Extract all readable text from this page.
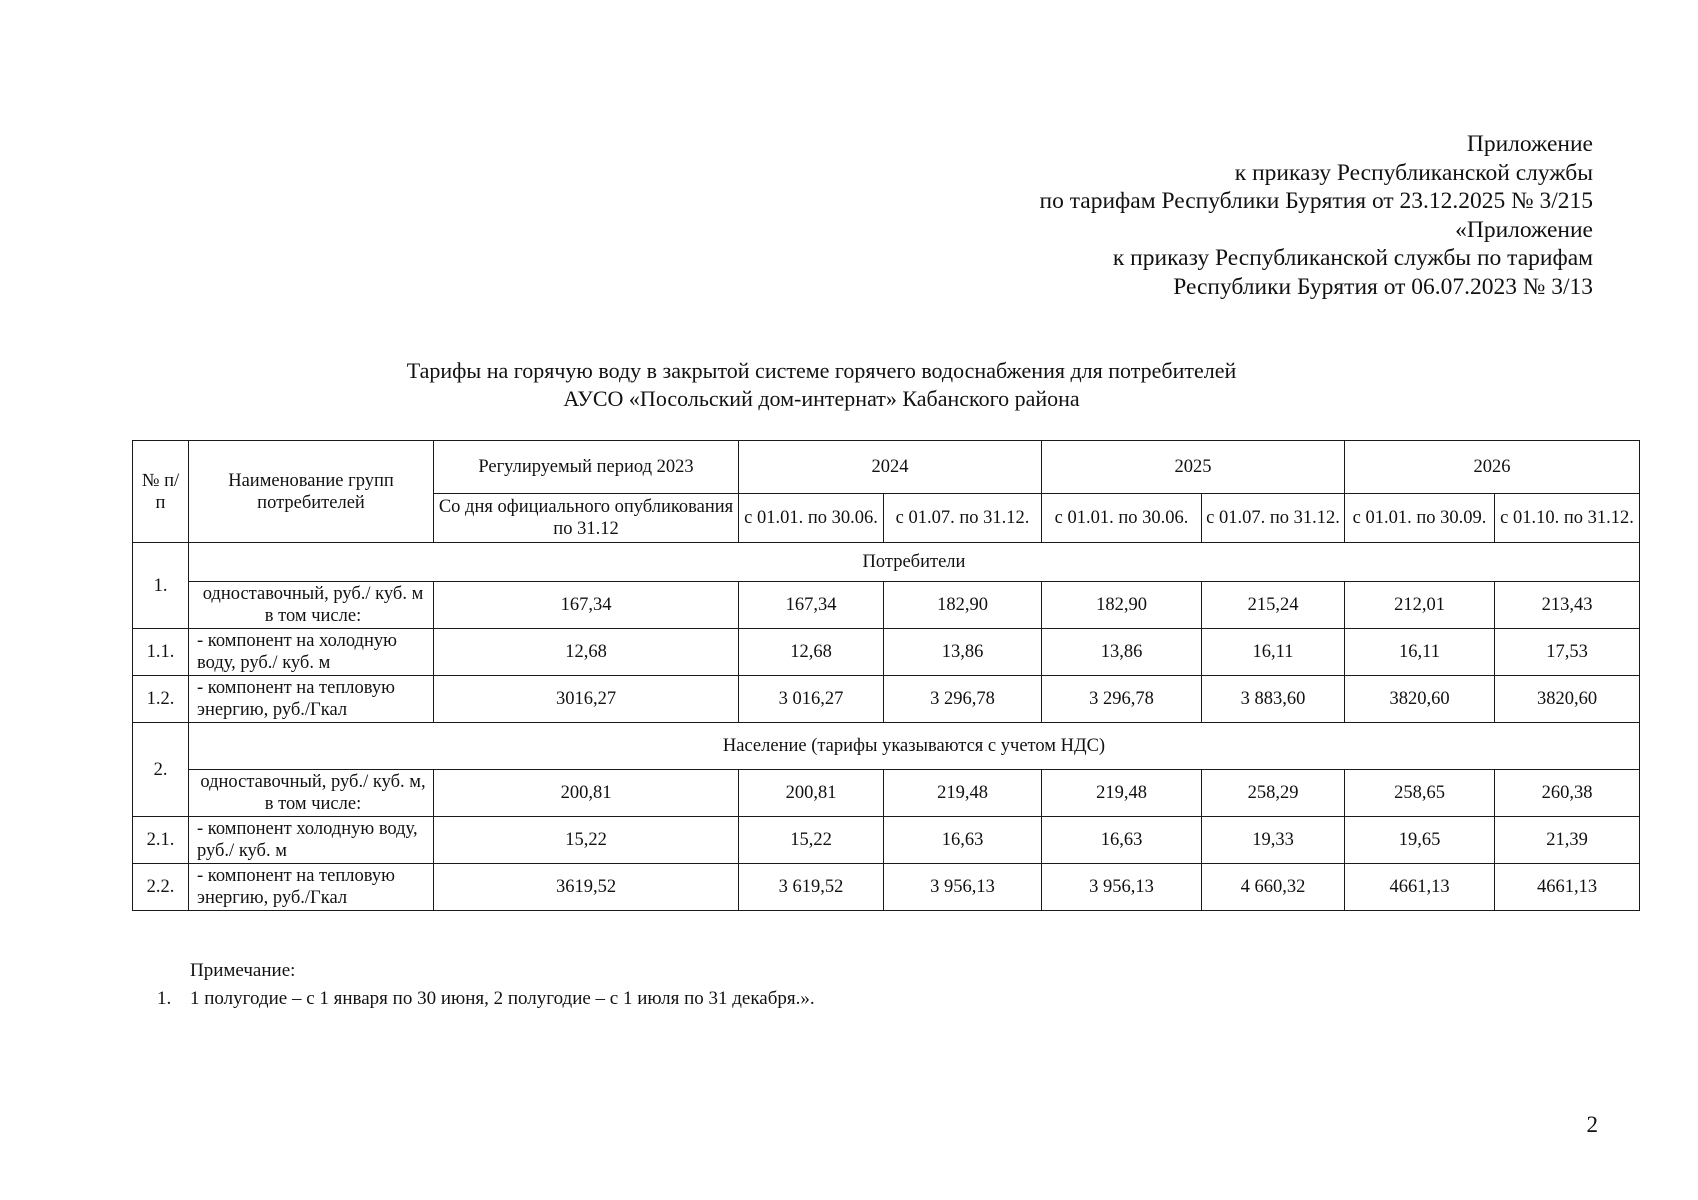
Приложение
к приказу Республиканской службы
по тарифам Республики Бурятия от 23.12.2025 № 3/215
«Приложение
к приказу Республиканской службы по тарифам
Республики Бурятия от 06.07.2023 № 3/13
Тарифы на горячую воду в закрытой системе горячего водоснабжения для потребителей
АУСО «Посольский дом-интернат» Кабанского района
№ п/п	Наименование групп потребителей	Регулируемый период 2023	2024		2025		2026	
		Со дня официального опубликования по 31.12	с 01.01. по 30.06.	с 01.07. по 31.12.	с 01.01. по 30.06.	с 01.07. по 31.12.	с 01.01. по 30.09.	с 01.10. по 31.12.
1.	Потребители							
	одноставочный, руб./ куб. м в том числе:	167,34	167,34	182,90	182,90	215,24	212,01	213,43
1.1.	- компонент на холодную воду, руб./ куб. м	12,68	12,68	13,86	13,86	16,11	16,11	17,53
1.2.	- компонент на тепловую энергию, руб./Гкал	3016,27	3 016,27	3 296,78	3 296,78	3 883,60	3820,60	3820,60
2.	Население (тарифы указываются с учетом НДС)							
	одноставочный, руб./ куб. м, в том числе:	200,81	200,81	219,48	219,48	258,29	258,65	260,38
2.1.	- компонент холодную воду, руб./ куб. м	15,22	15,22	16,63	16,63	19,33	19,65	21,39
2.2.	- компонент на тепловую энергию, руб./Гкал	3619,52	3 619,52	3 956,13	3 956,13	4 660,32	4661,13	4661,13
Примечание:
1. 1 полугодие – с 1 января по 30 июня, 2 полугодие – с 1 июля по 31 декабря.».
2
